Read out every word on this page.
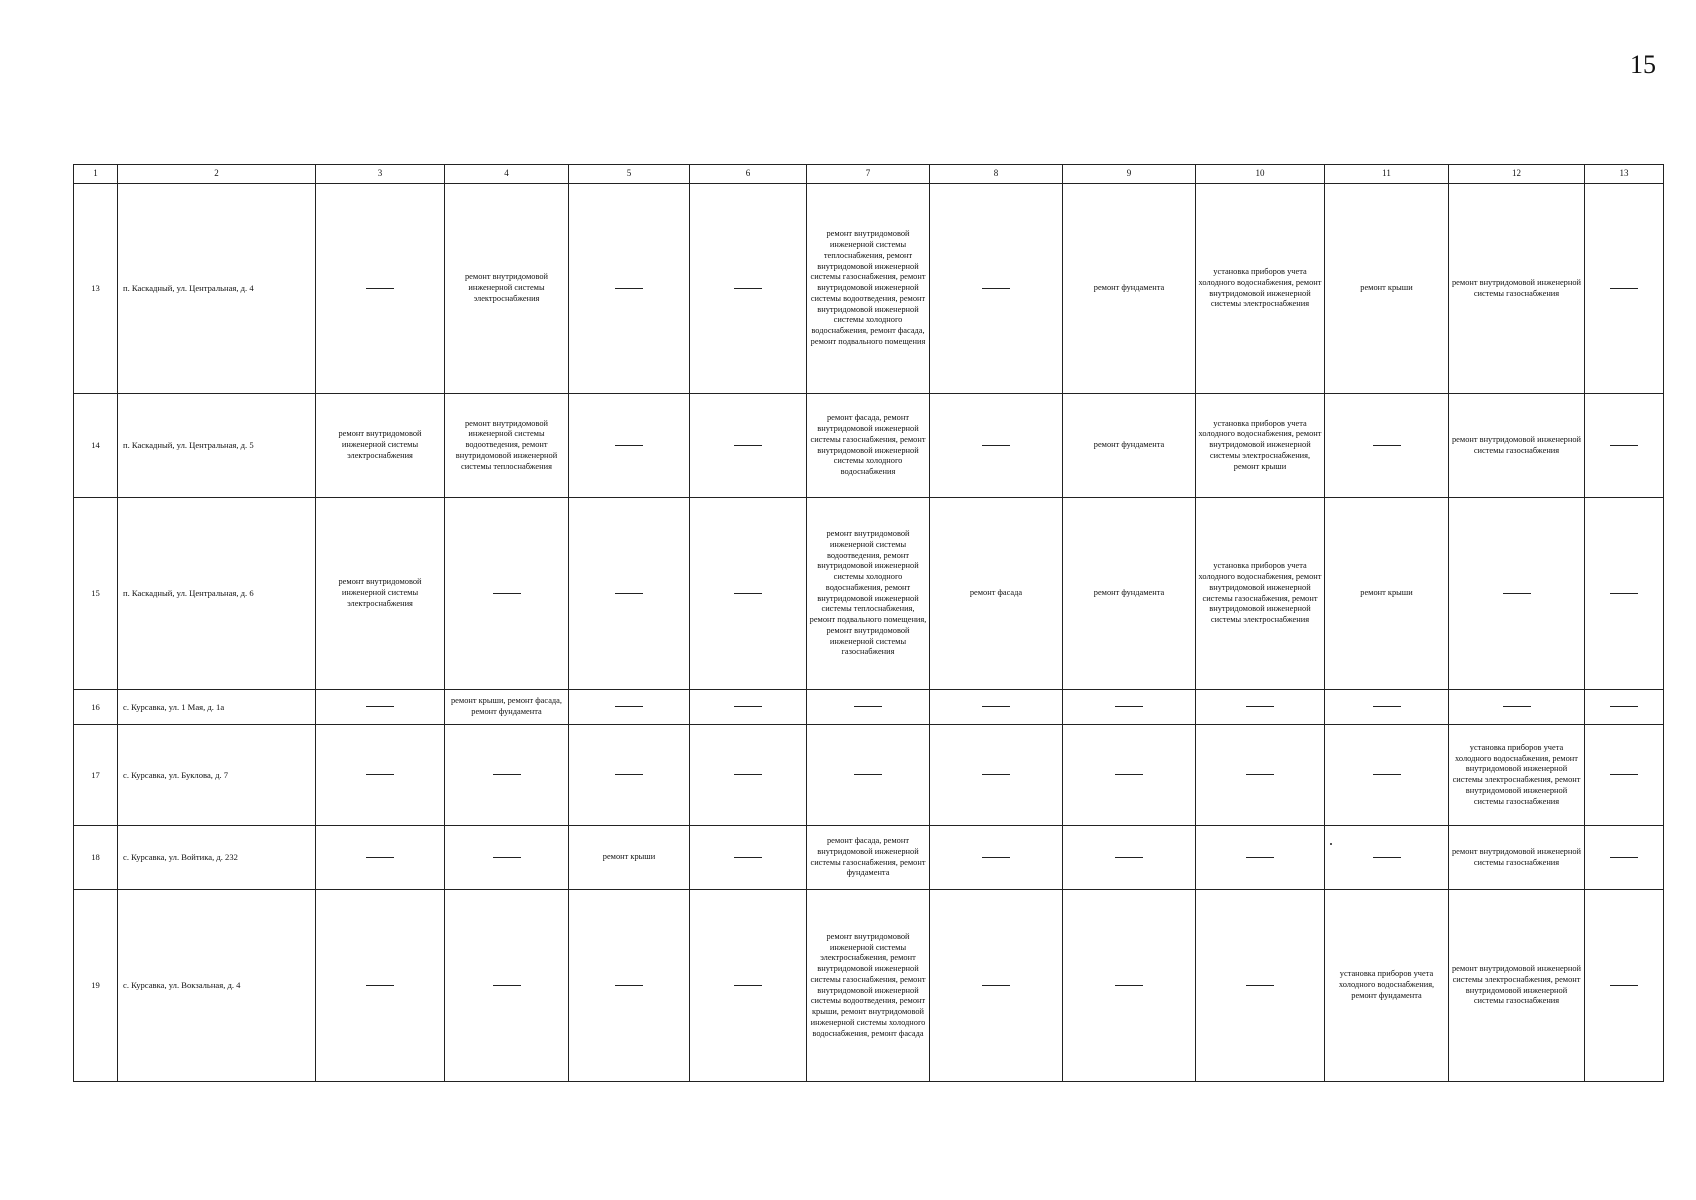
15
1	2	3	4	5	6	7	8	9	10	11	12	13
13	п. Каскадный, ул. Центральная, д. 4		ремонт внутридомовой инженерной системы электроснабжения			ремонт внутридомовой инженерной системы теплоснабжения, ремонт внутридомовой инженерной системы газоснабжения, ремонт внутридомовой инженерной системы водоотведения, ремонт внутридомовой инженерной системы холодного водоснабжения, ремонт фасада, ремонт подвального помещения		ремонт фундамента	установка приборов учета холодного водоснабжения, ремонт внутридомовой инженерной системы электроснабжения	ремонт крыши	ремонт внутридомовой инженерной системы газоснабжения	
14	п. Каскадный, ул. Центральная, д. 5	ремонт внутридомовой инженерной системы электроснабжения	ремонт внутридомовой инженерной системы водоотведения, ремонт внутридомовой инженерной системы теплоснабжения			ремонт фасада, ремонт внутридомовой инженерной системы газоснабжения, ремонт внутридомовой инженерной системы холодного водоснабжения		ремонт фундамента	установка приборов учета холодного водоснабжения, ремонт внутридомовой инженерной системы электроснабжения, ремонт крыши		ремонт внутридомовой инженерной системы газоснабжения	
15	п. Каскадный, ул. Центральная, д. 6	ремонт внутридомовой инженерной системы электроснабжения				ремонт внутридомовой инженерной системы водоотведения, ремонт внутридомовой инженерной системы холодного водоснабжения, ремонт внутридомовой инженерной системы теплоснабжения, ремонт подвального помещения, ремонт внутридомовой инженерной системы газоснабжения	ремонт фасада	ремонт фундамента	установка приборов учета холодного водоснабжения, ремонт внутридомовой инженерной системы газоснабжения, ремонт внутридомовой инженерной системы электроснабжения	ремонт крыши		
16	с. Курсавка, ул. 1 Мая, д. 1а		ремонт крыши, ремонт фасада, ремонт фундамента									
17	с. Курсавка, ул. Буклова, д. 7										установка приборов учета холодного водоснабжения, ремонт внутридомовой инженерной системы электроснабжения, ремонт внутридомовой инженерной системы газоснабжения	
18	с. Курсавка, ул. Войтика, д. 232			ремонт крыши		ремонт фасада, ремонт внутридомовой инженерной системы газоснабжения, ремонт фундамента					ремонт внутридомовой инженерной системы газоснабжения	
19	с. Курсавка, ул. Вокзальная, д. 4					ремонт внутридомовой инженерной системы электроснабжения, ремонт внутридомовой инженерной системы газоснабжения, ремонт внутридомовой инженерной системы водоотведения, ремонт крыши, ремонт внутридомовой инженерной системы холодного водоснабжения, ремонт фасада				установка приборов учета холодного водоснабжения, ремонт фундамента	ремонт внутридомовой инженерной системы электроснабжения, ремонт внутридомовой инженерной системы газоснабжения	
